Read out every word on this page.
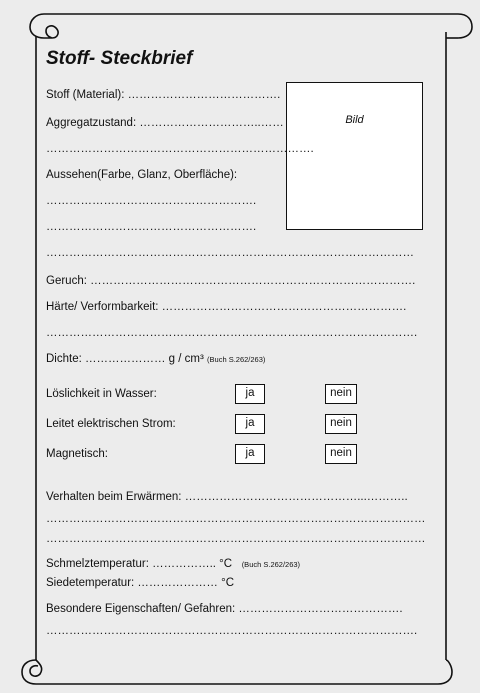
Stoff- Steckbrief
Bild
Stoff (Material): ………………………………….
Aggregatzustand: …………………………..……
…………………………………………………………….
Aussehen(Farbe, Glanz, Oberfläche):
……………………………………………….
……………………………………………….
……………………………………………………………………………………
Geruch: ………………………………………………………………………….
Härte/ Verformbarkeit: ……………………………………………………….
…………………………………………………………………………………….
Dichte: ………………… g / cm³ (Buch S.262/263)
Löslichkeit in Wasser:	ja	nein
Leitet elektrischen Strom:	ja	nein
Magnetisch:	ja	nein
Verhalten beim Erwärmen: ………………………………………...………..
………………………………………………………………………………………
………………………………………………………………………………………
Schmelztemperatur: …………….. °C (Buch S.262/263)
Siedetemperatur: ………………… °C
Besondere Eigenschaften/ Gefahren: …………………………………….
…………………………………………………………………………………….
